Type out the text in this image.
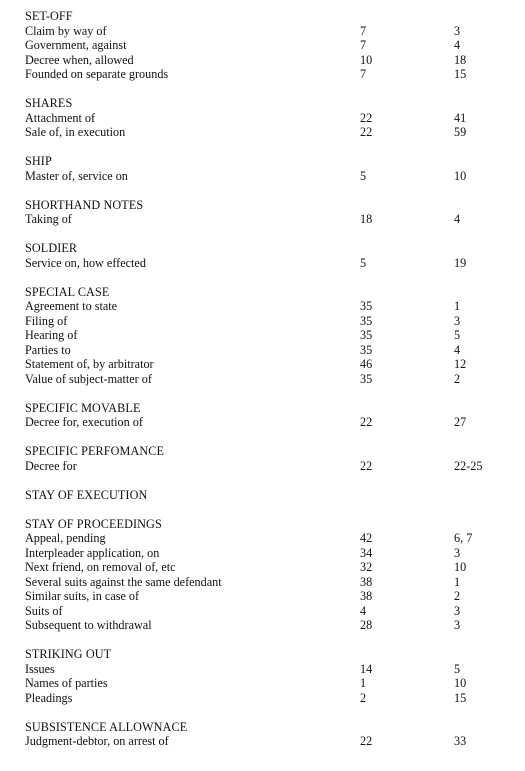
SET-OFF
Claim by way of	7	3
Government, against	7	4
Decree when, allowed	10	18
Founded on separate grounds	7	15
SHARES
Attachment of	22	41
Sale of, in execution	22	59
SHIP
Master of, service on	5	10
SHORTHAND NOTES
Taking of	18	4
SOLDIER
Service on, how effected	5	19
SPECIAL CASE
Agreement to state	35	1
Filing of	35	3
Hearing of	35	5
Parties to	35	4
Statement of, by arbitrator	46	12
Value of subject-matter of	35	2
SPECIFIC MOVABLE
Decree for, execution of	22	27
SPECIFIC PERFOMANCE
Decree for	22	22-25
STAY OF EXECUTION
STAY OF PROCEEDINGS
Appeal, pending	42	6, 7
Interpleader application, on	34	3
Next friend, on removal of, etc	32	10
Several suits against the same defendant	38	1
Similar suits, in case of	38	2
Suits of	4	3
Subsequent to withdrawal	28	3
STRIKING OUT
Issues	14	5
Names of parties	1	10
Pleadings	2	15
SUBSISTENCE ALLOWNACE
Judgment-debtor, on arrest of	22	33
